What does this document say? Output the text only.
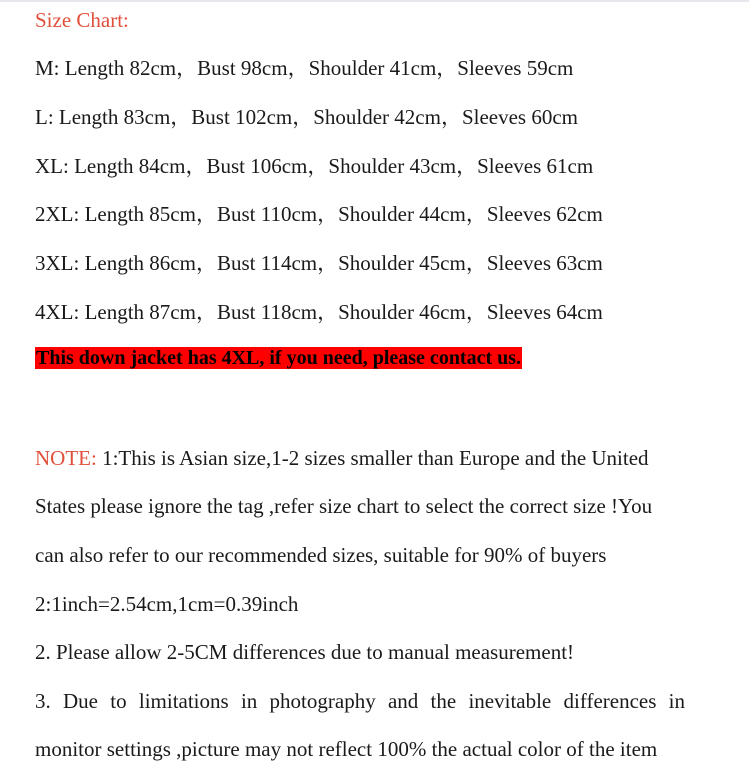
Size Chart:
M: Length 82cm，Bust 98cm，Shoulder 41cm，Sleeves 59cm
L: Length 83cm，Bust 102cm，Shoulder 42cm，Sleeves 60cm
XL: Length 84cm，Bust 106cm，Shoulder 43cm，Sleeves 61cm
2XL: Length 85cm，Bust 110cm，Shoulder 44cm，Sleeves 62cm
3XL: Length 86cm，Bust 114cm，Shoulder 45cm，Sleeves 63cm
4XL: Length 87cm，Bust 118cm，Shoulder 46cm，Sleeves 64cm
This down jacket has 4XL, if you need, please contact us.
NOTE: 1:This is Asian size,1-2 sizes smaller than Europe and the United
States please ignore the tag ,refer size chart to select the correct size !You
can also refer to our recommended sizes, suitable for 90% of buyers
2:1inch=2.54cm,1cm=0.39inch
2. Please allow 2-5CM differences due to manual measurement!
3. Due to limitations in photography and the inevitable differences in
monitor settings ,picture may not reflect 100% the actual color of the item
